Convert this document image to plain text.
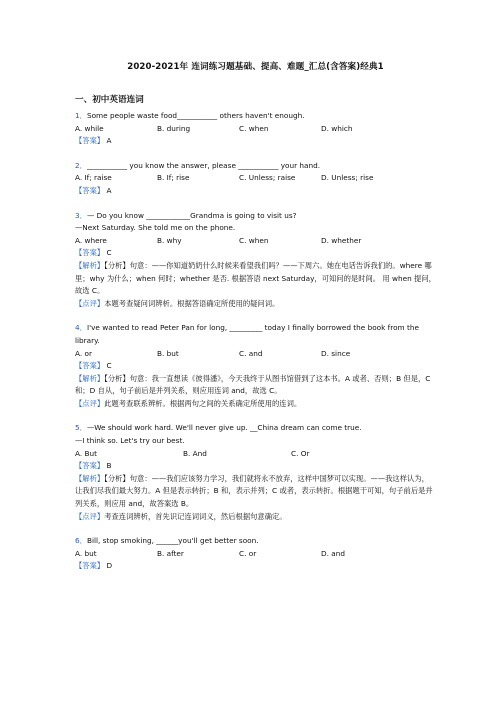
2020-2021年 连词练习题基础、提高、难题_汇总(含答案)经典1
一、初中英语连词
1．Some people waste food___________ others haven't enough.
A. while	B. during	C. when	D. which
【答案】 A
2．___________ you know the answer, please ___________ your hand.
A. If; raise	B. If; rise	C. Unless; raise	D. Unless; rise
【答案】 A
3．— Do you know ____________Grandma is going to visit us?
—Next Saturday. She told me on the phone.
A. where	B. why	C. when	D. whether
【答案】 C
【解析】【分析】句意：——你知道奶奶什么时候来看望我们吗？——下周六。她在电话告诉我们的。where 哪里；why 为什么；when 何时；whether 是否. 根据答语 next Saturday，可知问的是时间。 用 when 提问，故选 C。
【点评】本题考查疑问词辨析。根据答语确定所使用的疑问词。
4．I've wanted to read Peter Pan for long, _________ today I finally borrowed the book from the library.
A. or	B. but	C. and	D. since
【答案】 C
【解析】【分析】句意：我一直想读《彼得潘》，今天我终于从图书馆借到了这本书。A 或者、否则；B 但是，C 和；D 自从，句子前后是并列关系，则应用连词 and，故选 C。
【点评】此题考查联系辨析。根据两句之间的关系确定所使用的连词。
5．—We should work hard. We'll never give up. __China dream can come true.
—I think so. Let's try our best.
A. But	B. And	C. Or
【答案】 B
【解析】【分析】句意：——我们应该努力学习，我们就将永不放弃，这样中国梦可以实现。——我这样认为，让我们尽我们最大努力。A 但是表示转折；B 和，表示并列；C 或者，表示转折。根据题干可知，句子前后是并列关系，则应用 and，故答案选 B。
【点评】考查连词辨析，首先识记连词词义，然后根据句意确定。
6．Bill, stop smoking, ______you'll get better soon.
A. but	B. after	C. or	D. and
【答案】 D
